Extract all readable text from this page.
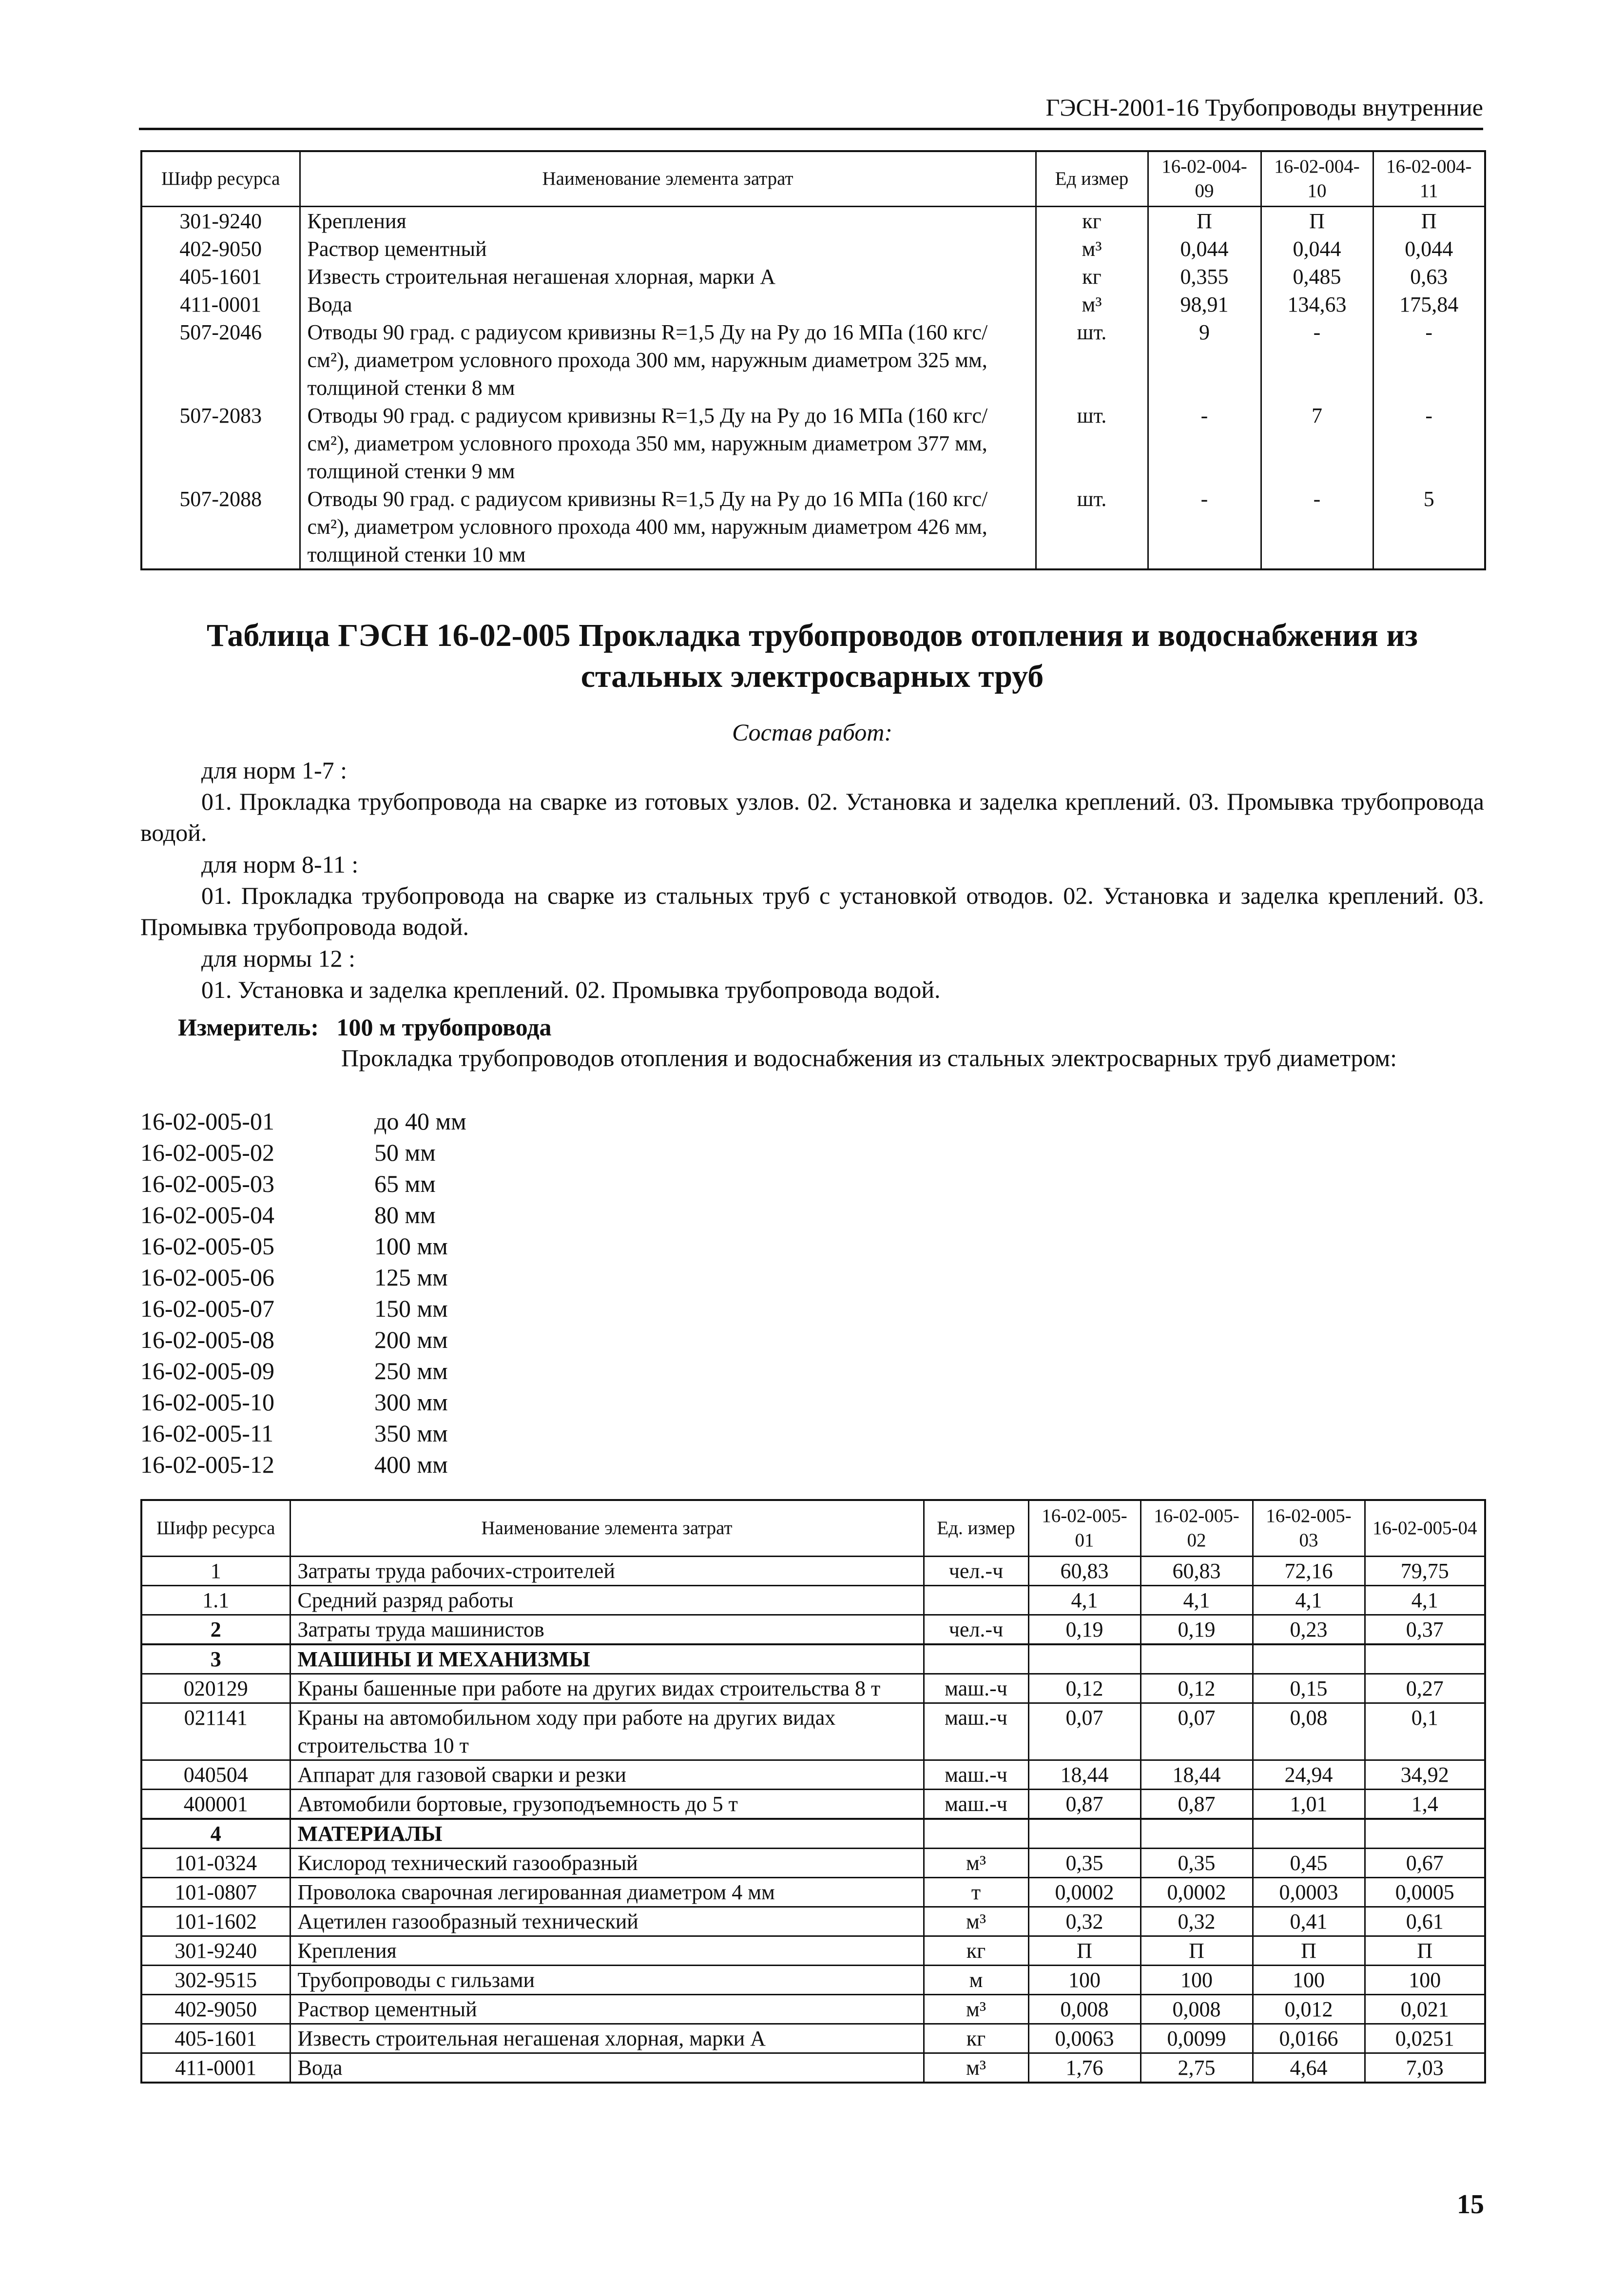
ГЭСН-2001-16 Трубопроводы внутренние
Шифр ресурса	Наименование элемента затрат	Ед измер	16-02-004-09	16-02-004-10	16-02-004-11
301-9240	Крепления	кг	П	П	П
402-9050	Раствор цементный	м³	0,044	0,044	0,044
405-1601	Известь строительная негашеная хлорная, марки А	кг	0,355	0,485	0,63
411-0001	Вода	м³	98,91	134,63	175,84
507-2046	Отводы 90 град. с радиусом кривизны R=1,5 Ду на Ру до 16 МПа (160 кгс/см²), диаметром условного прохода 300 мм, наружным диаметром 325 мм, толщиной стенки 8 мм	шт.	9	-	-
507-2083	Отводы 90 град. с радиусом кривизны R=1,5 Ду на Ру до 16 МПа (160 кгс/см²), диаметром условного прохода 350 мм, наружным диаметром 377 мм, толщиной стенки 9 мм	шт.	-	7	-
507-2088	Отводы 90 град. с радиусом кривизны R=1,5 Ду на Ру до 16 МПа (160 кгс/см²), диаметром условного прохода 400 мм, наружным диаметром 426 мм, толщиной стенки 10 мм	шт.	-	-	5
Таблица ГЭСН 16-02-005 Прокладка трубопроводов отопления и водоснабжения из стальных электросварных труб
Состав работ:
для норм 1-7 :
01. Прокладка трубопровода на сварке из готовых узлов. 02. Установка и заделка креплений. 03. Промывка трубопровода водой.
для норм 8-11 :
01. Прокладка трубопровода на сварке из стальных труб с установкой отводов. 02. Установка и заделка креплений. 03. Промывка трубопровода водой.
для нормы 12 :
01. Установка и заделка креплений. 02. Промывка трубопровода водой.
Измеритель: 100 м трубопровода
Прокладка трубопроводов отопления и водоснабжения из стальных электросварных труб диаметром:
16-02-005-01	до 40 мм
16-02-005-02	50 мм
16-02-005-03	65 мм
16-02-005-04	80 мм
16-02-005-05	100 мм
16-02-005-06	125 мм
16-02-005-07	150 мм
16-02-005-08	200 мм
16-02-005-09	250 мм
16-02-005-10	300 мм
16-02-005-11	350 мм
16-02-005-12	400 мм
Шифр ресурса	Наименование элемента затрат	Ед. измер	16-02-005-01	16-02-005-02	16-02-005-03	16-02-005-04
1	Затраты труда рабочих-строителей	чел.-ч	60,83	60,83	72,16	79,75
1.1	Средний разряд работы		4,1	4,1	4,1	4,1
2	Затраты труда машинистов	чел.-ч	0,19	0,19	0,23	0,37
3	МАШИНЫ И МЕХАНИЗМЫ					
020129	Краны башенные при работе на других видах строительства 8 т	маш.-ч	0,12	0,12	0,15	0,27
021141	Краны на автомобильном ходу при работе на других видах строительства 10 т	маш.-ч	0,07	0,07	0,08	0,1
040504	Аппарат для газовой сварки и резки	маш.-ч	18,44	18,44	24,94	34,92
400001	Автомобили бортовые, грузоподъемность до 5 т	маш.-ч	0,87	0,87	1,01	1,4
4	МАТЕРИАЛЫ					
101-0324	Кислород технический газообразный	м³	0,35	0,35	0,45	0,67
101-0807	Проволока сварочная легированная диаметром 4 мм	т	0,0002	0,0002	0,0003	0,0005
101-1602	Ацетилен газообразный технический	м³	0,32	0,32	0,41	0,61
301-9240	Крепления	кг	П	П	П	П
302-9515	Трубопроводы с гильзами	м	100	100	100	100
402-9050	Раствор цементный	м³	0,008	0,008	0,012	0,021
405-1601	Известь строительная негашеная хлорная, марки А	кг	0,0063	0,0099	0,0166	0,0251
411-0001	Вода	м³	1,76	2,75	4,64	7,03
15
